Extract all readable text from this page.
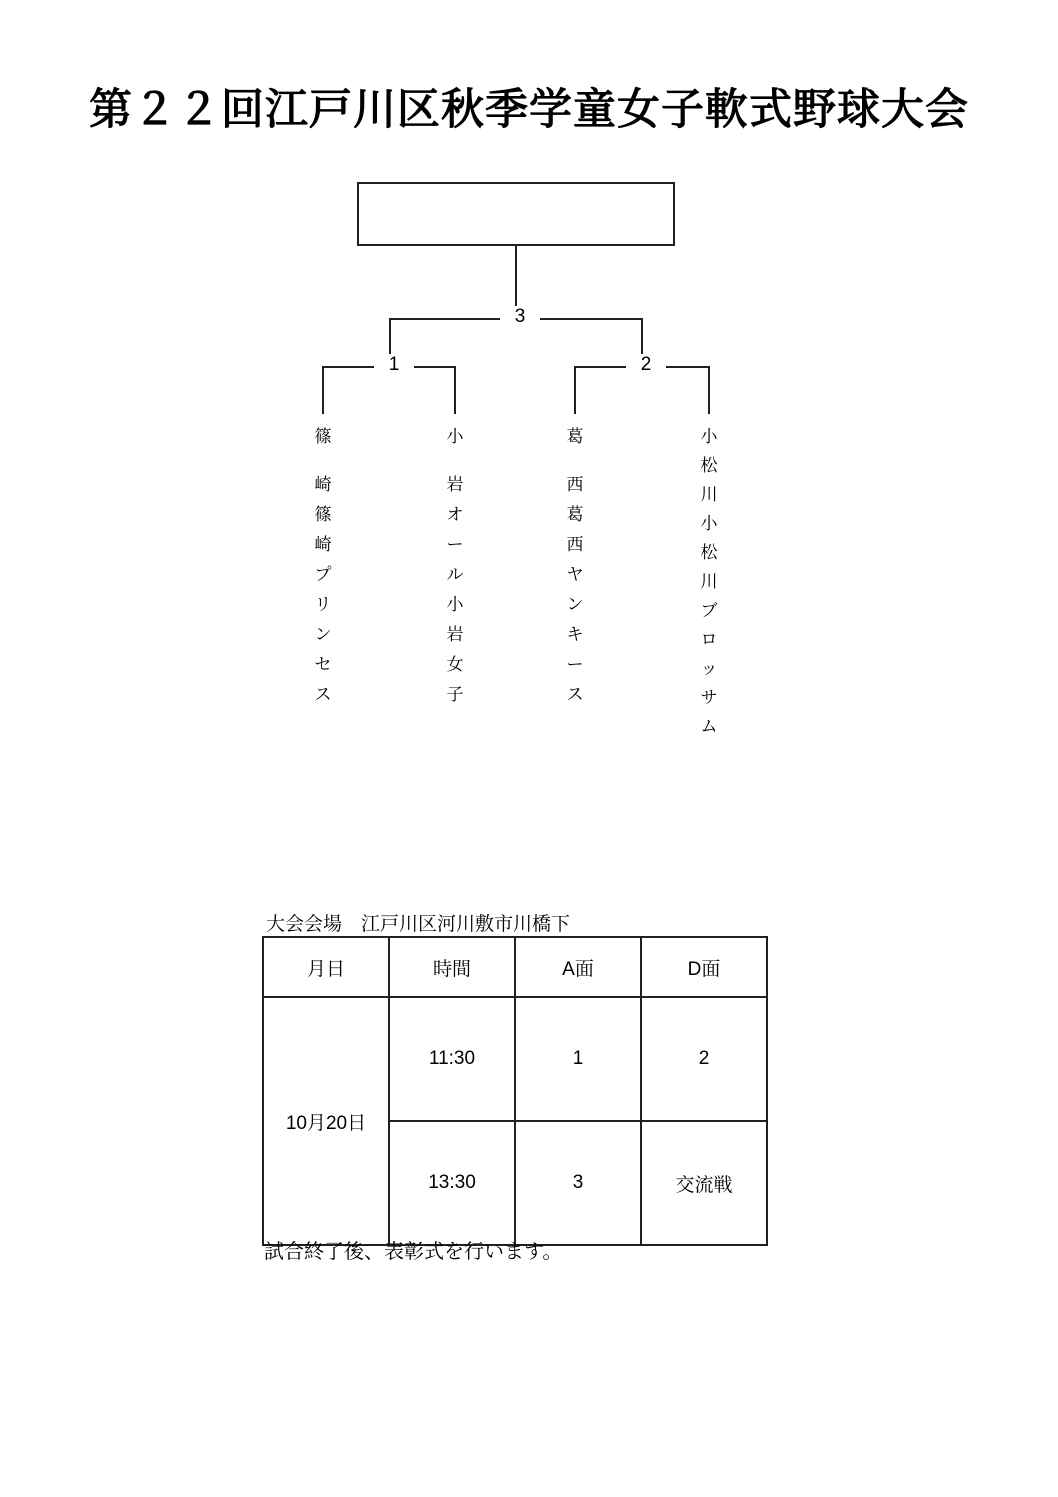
第２２回江戸川区秋季学童女子軟式野球大会
3
1	2
篠
崎
篠
崎
プ
リ
ン
セ
ス
小
岩
オ
ー
ル
小
岩
女
子
葛
西
葛
西
ヤ
ン
キ
ー
ス
小
松
川
小
松
川
ブ
ロ
ッ
サ
ム
大会会場　江戸川区河川敷市川橋下
月日	時間	A面	D面
10月20日	11:30	1	2
	13:30	3	交流戦
試合終了後、表彰式を行います。
